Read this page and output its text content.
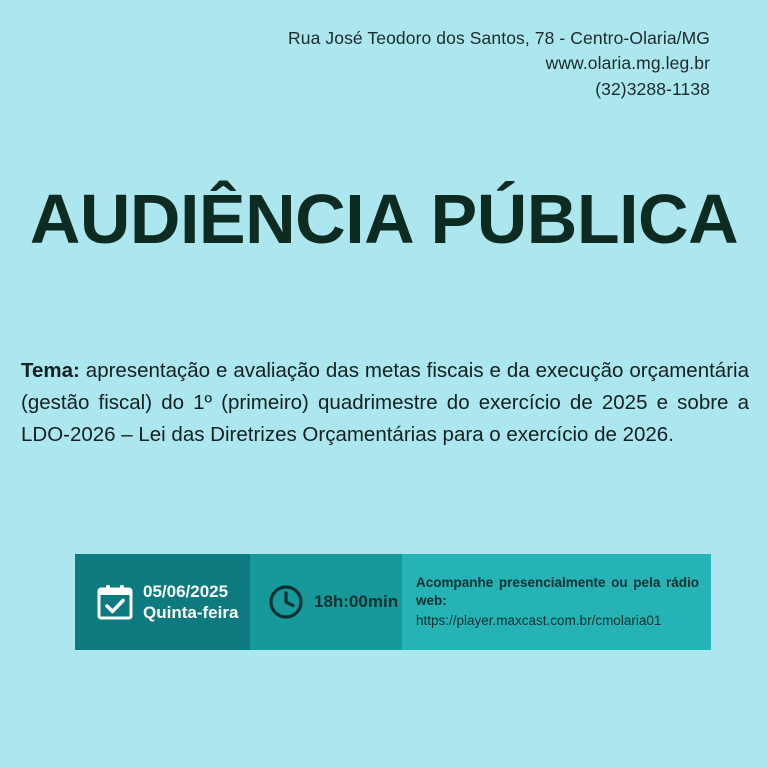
Rua José Teodoro dos Santos, 78 - Centro-Olaria/MG
www.olaria.mg.leg.br
(32)3288-1138
AUDIÊNCIA PÚBLICA
Tema: apresentação e avaliação das metas fiscais e da execução orçamentária (gestão fiscal) do 1º (primeiro) quadrimestre do exercício de 2025 e sobre a LDO-2026 – Lei das Diretrizes Orçamentárias para o exercício de 2026.
05/06/2025
Quinta-feira
18h:00min
Acompanhe presencialmente ou pela rádio web:
https://player.maxcast.com.br/cmolaria01
